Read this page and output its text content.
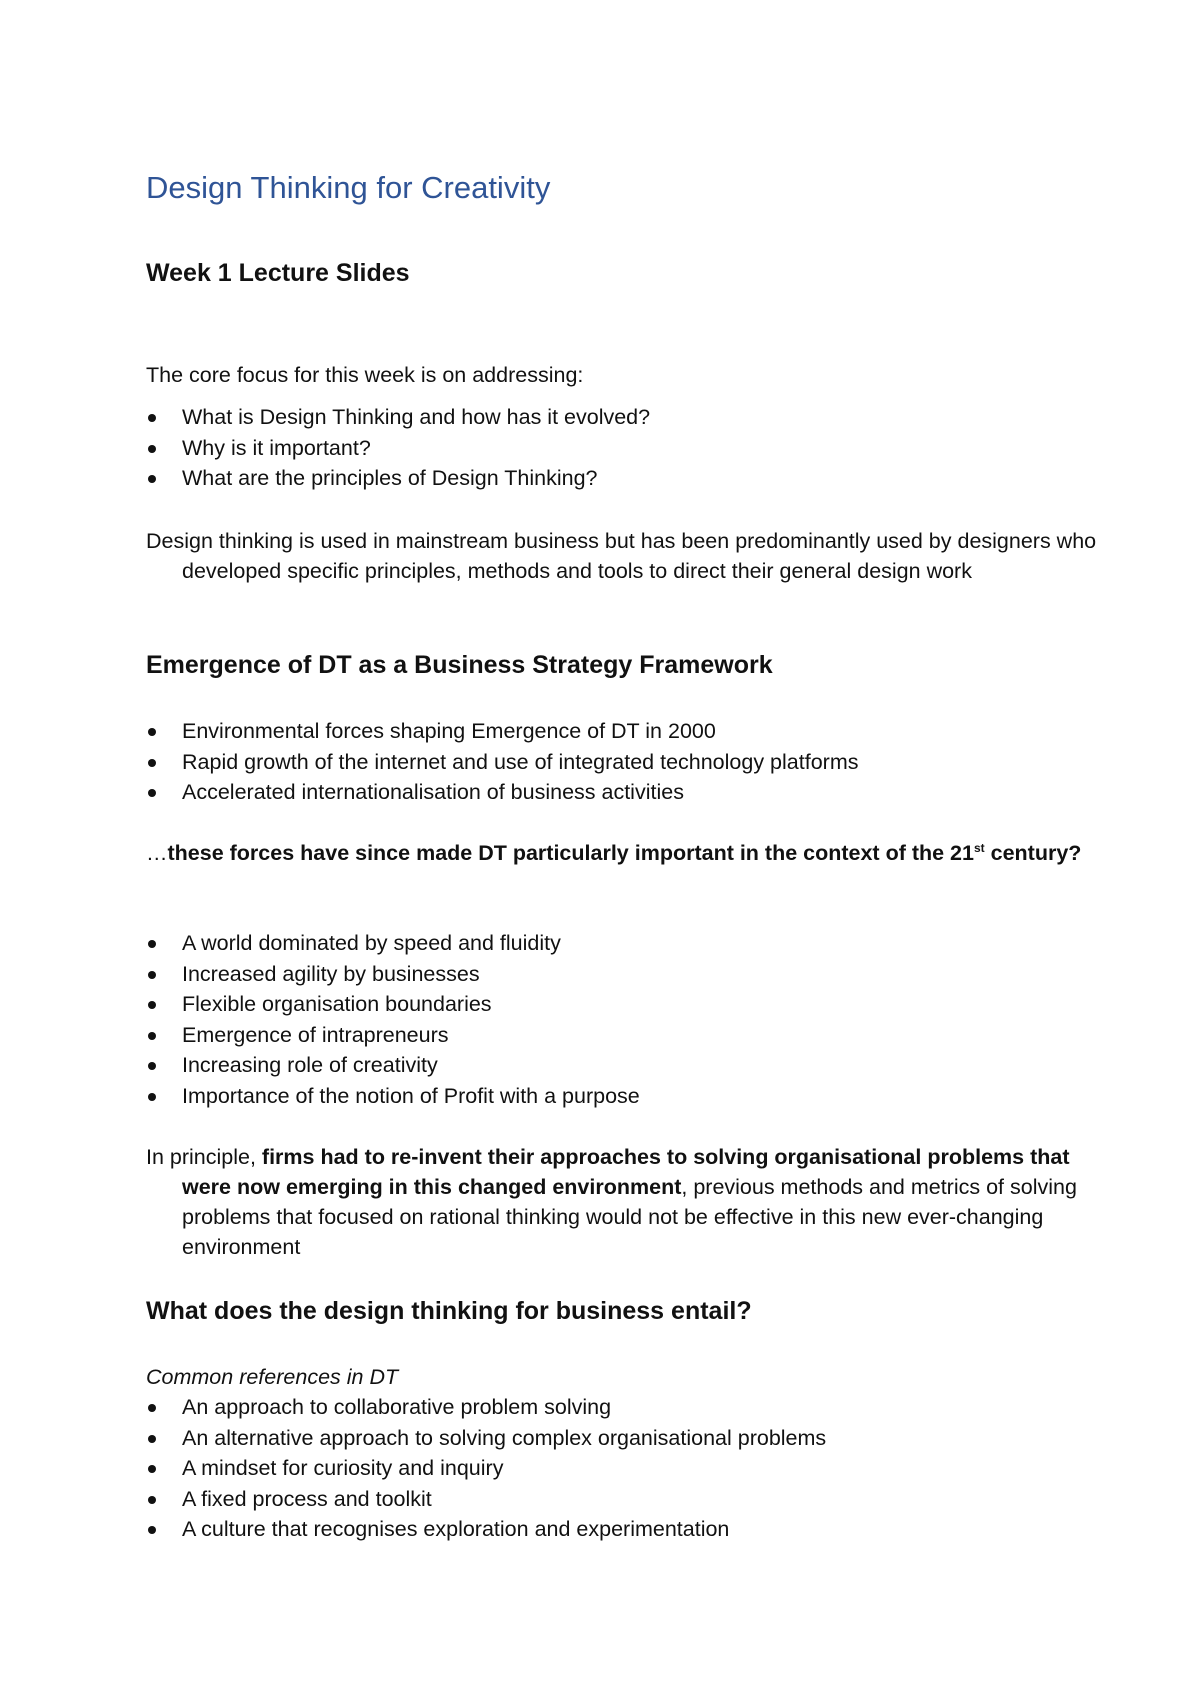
Design Thinking for Creativity
Week 1 Lecture Slides

The core focus for this week is on addressing:

What is Design Thinking and how has it evolved?
Why is it important?
What are the principles of Design Thinking?

Design thinking is used in mainstream business but has been predominantly used by designers who developed specific principles, methods and tools to direct their general design work

Emergence of DT as a Business Strategy Framework
Environmental forces shaping Emergence of DT in 2000
Rapid growth of the internet and use of integrated technology platforms
Accelerated internationalisation of business activities

…these forces have since made DT particularly important in the context of the 21st century?

A world dominated by speed and fluidity
Increased agility by businesses
Flexible organisation boundaries
Emergence of intrapreneurs
Increasing role of creativity
Importance of the notion of Profit with a purpose

In principle, firms had to re-invent their approaches to solving organisational problems that were now emerging in this changed environment, previous methods and metrics of solving problems that focused on rational thinking would not be effective in this new ever-changing environment

What does the design thinking for business entail?

Common references in DT

An approach to collaborative problem solving
An alternative approach to solving complex organisational problems
A mindset for curiosity and inquiry
A fixed process and toolkit
A culture that recognises exploration and experimentation
